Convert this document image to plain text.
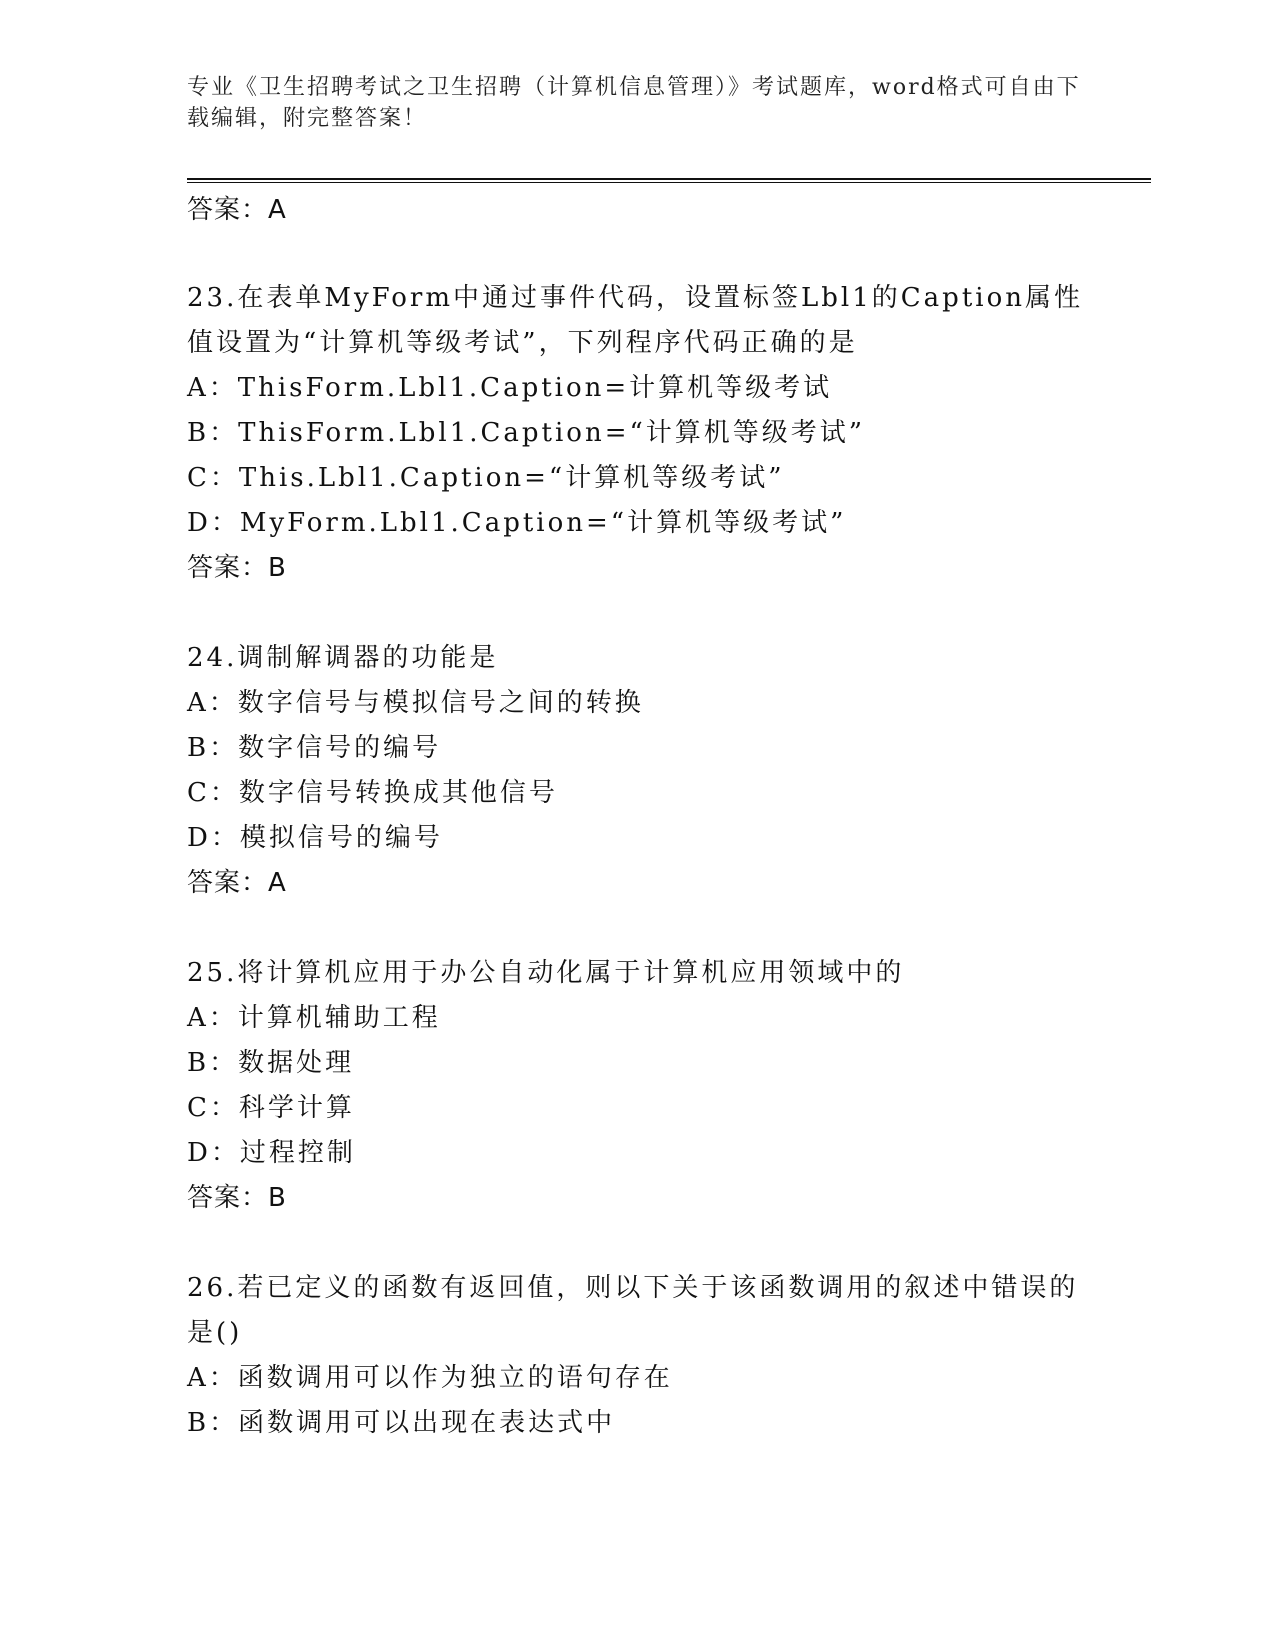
专业《卫生招聘考试之卫生招聘（计算机信息管理）》考试题库，word格式可自由下载编辑，附完整答案！
答案：A
23.在表单MyForm中通过事件代码，设置标签Lbl1的Caption属性值设置为“计算机等级考试”，下列程序代码正确的是
A：ThisForm.Lbl1.Caption=计算机等级考试
B：ThisForm.Lbl1.Caption=“计算机等级考试”
C：This.Lbl1.Caption=“计算机等级考试”
D：MyForm.Lbl1.Caption=“计算机等级考试”
答案：B
24.调制解调器的功能是
A：数字信号与模拟信号之间的转换
B：数字信号的编号
C：数字信号转换成其他信号
D：模拟信号的编号
答案：A
25.将计算机应用于办公自动化属于计算机应用领域中的
A：计算机辅助工程
B：数据处理
C：科学计算
D：过程控制
答案：B
26.若已定义的函数有返回值，则以下关于该函数调用的叙述中错误的是()
A：函数调用可以作为独立的语句存在
B：函数调用可以出现在表达式中
